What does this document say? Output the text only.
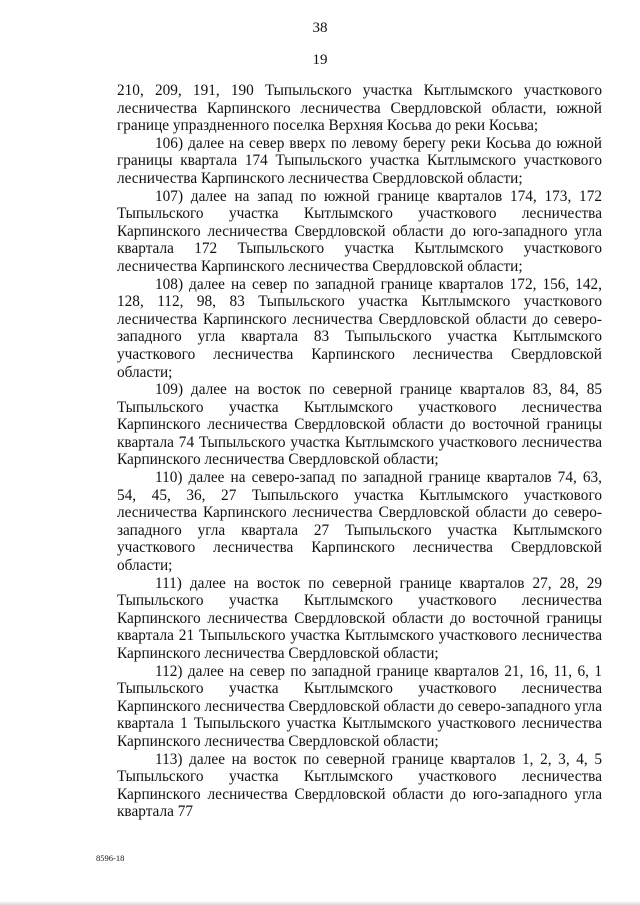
38
19

210, 209, 191, 190 Тыпыльского участка Кытлымского участкового лесничества Карпинского лесничества Свердловской области, южной границе упраздненного поселка Верхняя Косьва до реки Косьва;

106) далее на север вверх по левому берегу реки Косьва до южной границы квартала 174 Тыпыльского участка Кытлымского участкового лесничества Карпинского лесничества Свердловской области;

107) далее на запад по южной границе кварталов 174, 173, 172 Тыпыльского участка Кытлымского участкового лесничества Карпинского лесничества Свердловской области до юго-западного угла квартала 172 Тыпыльского участка Кытлымского участкового лесничества Карпинского лесничества Свердловской области;

108) далее на север по западной границе кварталов 172, 156, 142, 128, 112, 98, 83 Тыпыльского участка Кытлымского участкового лесничества Карпинского лесничества Свердловской области до северо-западного угла квартала 83 Тыпыльского участка Кытлымского участкового лесничества Карпинского лесничества Свердловской области;

109) далее на восток по северной границе кварталов 83, 84, 85 Тыпыльского участка Кытлымского участкового лесничества Карпинского лесничества Свердловской области до восточной границы квартала 74 Тыпыльского участка Кытлымского участкового лесничества Карпинского лесничества Свердловской области;

110) далее на северо-запад по западной границе кварталов 74, 63, 54, 45, 36, 27 Тыпыльского участка Кытлымского участкового лесничества Карпинского лесничества Свердловской области до северо-западного угла квартала 27 Тыпыльского участка Кытлымского участкового лесничества Карпинского лесничества Свердловской области;

111) далее на восток по северной границе кварталов 27, 28, 29 Тыпыльского участка Кытлымского участкового лесничества Карпинского лесничества Свердловской области до восточной границы квартала 21 Тыпыльского участка Кытлымского участкового лесничества Карпинского лесничества Свердловской области;

112) далее на север по западной границе кварталов 21, 16, 11, 6, 1 Тыпыльского участка Кытлымского участкового лесничества Карпинского лесничества Свердловской области до северо-западного угла квартала 1 Тыпыльского участка Кытлымского участкового лесничества Карпинского лесничества Свердловской области;

113) далее на восток по северной границе кварталов 1, 2, 3, 4, 5 Тыпыльского участка Кытлымского участкового лесничества Карпинского лесничества Свердловской области до юго-западного угла квартала 77

8596-18
